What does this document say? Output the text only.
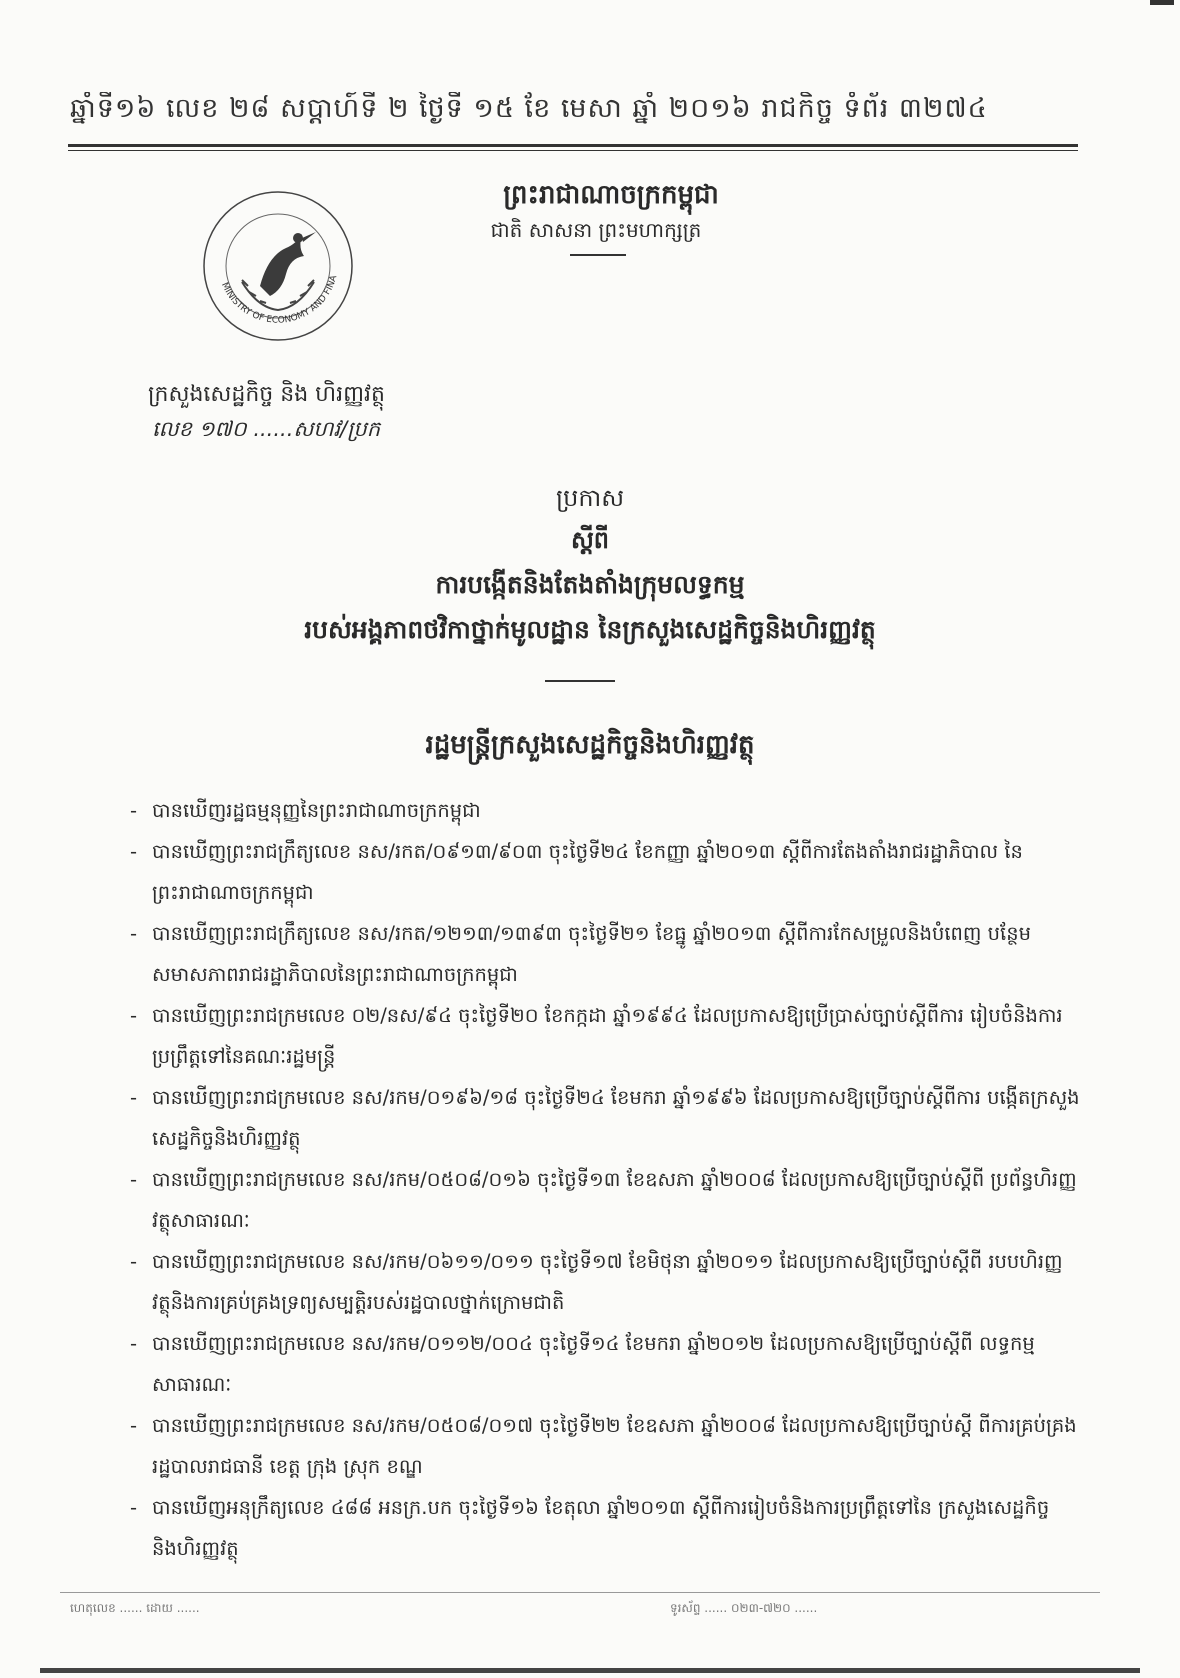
ឆ្នាំទី១៦ លេខ ២៨ សប្តាហ៍ទី ២ ថ្ងៃទី ១៥ ខែ មេសា ឆ្នាំ ២០១៦ រាជកិច្ច ទំព័រ ៣២៧៤
ព្រះរាជាណាចក្រកម្ពុជា
ជាតិ សាសនា ព្រះមហាក្សត្រ
MINISTRY OF ECONOMY AND FINA
ក្រសួងសេដ្ឋកិច្ច និង ហិរញ្ញវត្ថុ
លេខ ១៧០ ......សហវ/ប្រក
ប្រកាស
ស្តីពី
ការបង្កើតនិងតែងតាំងក្រុមលទ្ធកម្ម
របស់អង្គភាពថវិកាថ្នាក់មូលដ្ឋាន នៃក្រសួងសេដ្ឋកិច្ចនិងហិរញ្ញវត្ថុ
រដ្ឋមន្ត្រីក្រសួងសេដ្ឋកិច្ចនិងហិរញ្ញវត្ថុ
- បានឃើញរដ្ឋធម្មនុញ្ញនៃព្រះរាជាណាចក្រកម្ពុជា
- បានឃើញព្រះរាជក្រឹត្យលេខ នស/រកត/០៩១៣/៩០៣ ចុះថ្ងៃទី២៤ ខែកញ្ញា ឆ្នាំ២០១៣ ស្តីពីការតែងតាំងរាជរដ្ឋាភិបាល នៃព្រះរាជាណាចក្រកម្ពុជា
- បានឃើញព្រះរាជក្រឹត្យលេខ នស/រកត/១២១៣/១៣៩៣ ចុះថ្ងៃទី២១ ខែធ្នូ ឆ្នាំ២០១៣ ស្តីពីការកែសម្រួលនិងបំពេញ បន្ថែមសមាសភាពរាជរដ្ឋាភិបាលនៃព្រះរាជាណាចក្រកម្ពុជា
- បានឃើញព្រះរាជក្រមលេខ ០២/នស/៩៤ ចុះថ្ងៃទី២០ ខែកក្កដា ឆ្នាំ១៩៩៤ ដែលប្រកាសឱ្យប្រើប្រាស់ច្បាប់ស្តីពីការ រៀបចំនិងការប្រព្រឹត្តទៅនៃគណៈរដ្ឋមន្ត្រី
- បានឃើញព្រះរាជក្រមលេខ នស/រកម/០១៩៦/១៨ ចុះថ្ងៃទី២៤ ខែមករា ឆ្នាំ១៩៩៦ ដែលប្រកាសឱ្យប្រើច្បាប់ស្តីពីការ បង្កើតក្រសួងសេដ្ឋកិច្ចនិងហិរញ្ញវត្ថុ
- បានឃើញព្រះរាជក្រមលេខ នស/រកម/០៥០៨/០១៦ ចុះថ្ងៃទី១៣ ខែឧសភា ឆ្នាំ២០០៨ ដែលប្រកាសឱ្យប្រើច្បាប់ស្តីពី ប្រព័ន្ធហិរញ្ញវត្ថុសាធារណៈ
- បានឃើញព្រះរាជក្រមលេខ នស/រកម/០៦១១/០១១ ចុះថ្ងៃទី១៧ ខែមិថុនា ឆ្នាំ២០១១ ដែលប្រកាសឱ្យប្រើច្បាប់ស្តីពី របបហិរញ្ញវត្ថុនិងការគ្រប់គ្រងទ្រព្យសម្បត្តិរបស់រដ្ឋបាលថ្នាក់ក្រោមជាតិ
- បានឃើញព្រះរាជក្រមលេខ នស/រកម/០១១២/០០៤ ចុះថ្ងៃទី១៤ ខែមករា ឆ្នាំ២០១២ ដែលប្រកាសឱ្យប្រើច្បាប់ស្តីពី លទ្ធកម្មសាធារណៈ
- បានឃើញព្រះរាជក្រមលេខ នស/រកម/០៥០៨/០១៧ ចុះថ្ងៃទី២២ ខែឧសភា ឆ្នាំ២០០៨ ដែលប្រកាសឱ្យប្រើច្បាប់ស្តី ពីការគ្រប់គ្រងរដ្ឋបាលរាជធានី ខេត្ត ក្រុង ស្រុក ខណ្ឌ
- បានឃើញអនុក្រឹត្យលេខ ៤៨៨ អនក្រ.បក ចុះថ្ងៃទី១៦ ខែតុលា ឆ្នាំ២០១៣ ស្តីពីការរៀបចំនិងការប្រព្រឹត្តទៅនៃ ក្រសួងសេដ្ឋកិច្ចនិងហិរញ្ញវត្ថុ
ហេតុលេខ ...... ដោយ ......	ទូរស័ព្ទ ...... ០២៣-៧២០ ......
